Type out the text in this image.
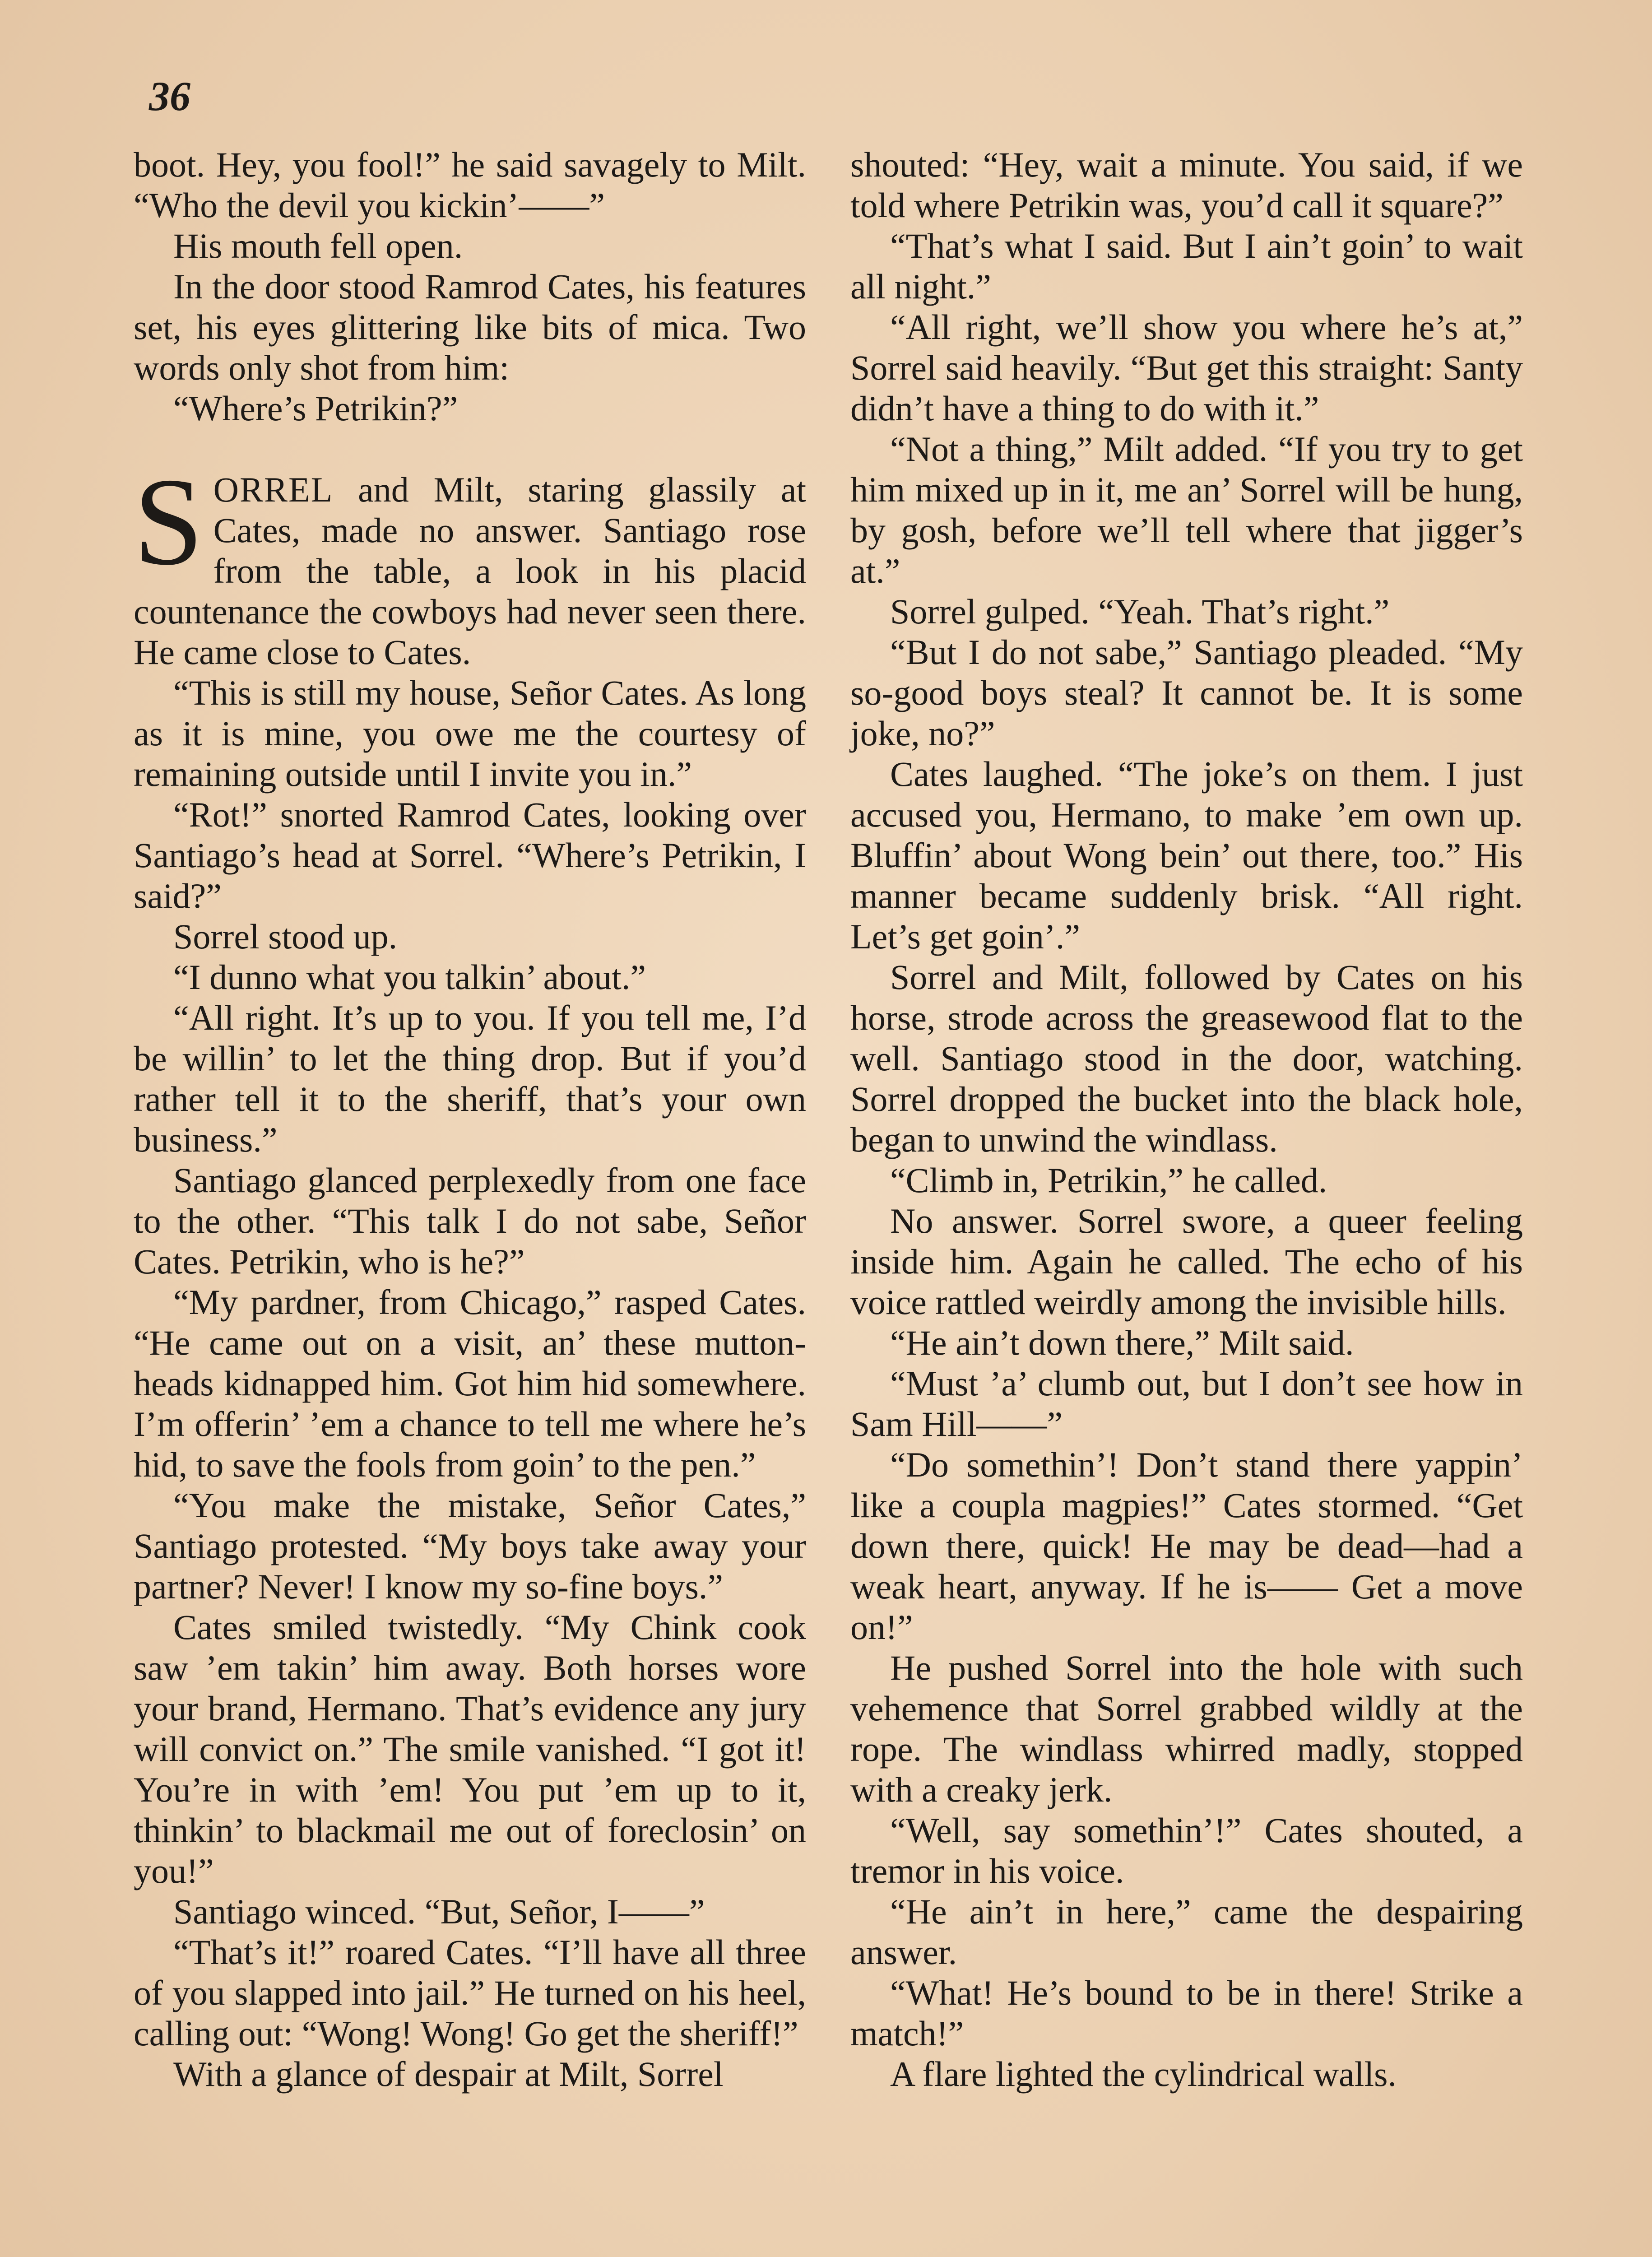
36

boot. Hey, you fool!” he said savagely to Milt. “Who the devil you kickin’——”

His mouth fell open.

In the door stood Ramrod Cates, his features set, his eyes glittering like bits of mica. Two words only shot from him:

“Where’s Petrikin?”

SORREL and Milt, staring glassily at Cates, made no answer. Santiago rose from the table, a look in his placid countenance the cowboys had never seen there. He came close to Cates.

“This is still my house, Señor Cates. As long as it is mine, you owe me the courtesy of remaining outside until I invite you in.”

“Rot!” snorted Ramrod Cates, looking over Santiago’s head at Sorrel. “Where’s Petrikin, I said?”

Sorrel stood up.

“I dunno what you talkin’ about.”

“All right. It’s up to you. If you tell me, I’d be willin’ to let the thing drop. But if you’d rather tell it to the sheriff, that’s your own business.”

Santiago glanced perplexedly from one face to the other. “This talk I do not sabe, Señor Cates. Petrikin, who is he?”

“My pardner, from Chicago,” rasped Cates. “He came out on a visit, an’ these mutton-heads kidnapped him. Got him hid somewhere. I’m offerin’ ’em a chance to tell me where he’s hid, to save the fools from goin’ to the pen.”

“You make the mistake, Señor Cates,” Santiago protested. “My boys take away your partner? Never! I know my so-fine boys.”

Cates smiled twistedly. “My Chink cook saw ’em takin’ him away. Both horses wore your brand, Hermano. That’s evidence any jury will convict on.” The smile vanished. “I got it! You’re in with ’em! You put ’em up to it, thinkin’ to blackmail me out of foreclosin’ on you!”

Santiago winced. “But, Señor, I——”

“That’s it!” roared Cates. “I’ll have all three of you slapped into jail.” He turned on his heel, calling out: “Wong! Wong! Go get the sheriff!”

With a glance of despair at Milt, Sorrel

shouted: “Hey, wait a minute. You said, if we told where Petrikin was, you’d call it square?”

“That’s what I said. But I ain’t goin’ to wait all night.”

“All right, we’ll show you where he’s at,” Sorrel said heavily. “But get this straight: Santy didn’t have a thing to do with it.”

“Not a thing,” Milt added. “If you try to get him mixed up in it, me an’ Sorrel will be hung, by gosh, before we’ll tell where that jigger’s at.”

Sorrel gulped. “Yeah. That’s right.”

“But I do not sabe,” Santiago pleaded. “My so-good boys steal? It cannot be. It is some joke, no?”

Cates laughed. “The joke’s on them. I just accused you, Hermano, to make ’em own up. Bluffin’ about Wong bein’ out there, too.” His manner became suddenly brisk. “All right. Let’s get goin’.”

Sorrel and Milt, followed by Cates on his horse, strode across the greasewood flat to the well. Santiago stood in the door, watching. Sorrel dropped the bucket into the black hole, began to unwind the windlass.

“Climb in, Petrikin,” he called.

No answer. Sorrel swore, a queer feeling inside him. Again he called. The echo of his voice rattled weirdly among the invisible hills.

“He ain’t down there,” Milt said.

“Must ’a’ clumb out, but I don’t see how in Sam Hill——”

“Do somethin’! Don’t stand there yappin’ like a coupla magpies!” Cates stormed. “Get down there, quick! He may be dead—had a weak heart, anyway. If he is—— Get a move on!”

He pushed Sorrel into the hole with such vehemence that Sorrel grabbed wildly at the rope. The windlass whirred madly, stopped with a creaky jerk.

“Well, say somethin’!” Cates shouted, a tremor in his voice.

“He ain’t in here,” came the despairing answer.

“What! He’s bound to be in there! Strike a match!”

A flare lighted the cylindrical walls.
